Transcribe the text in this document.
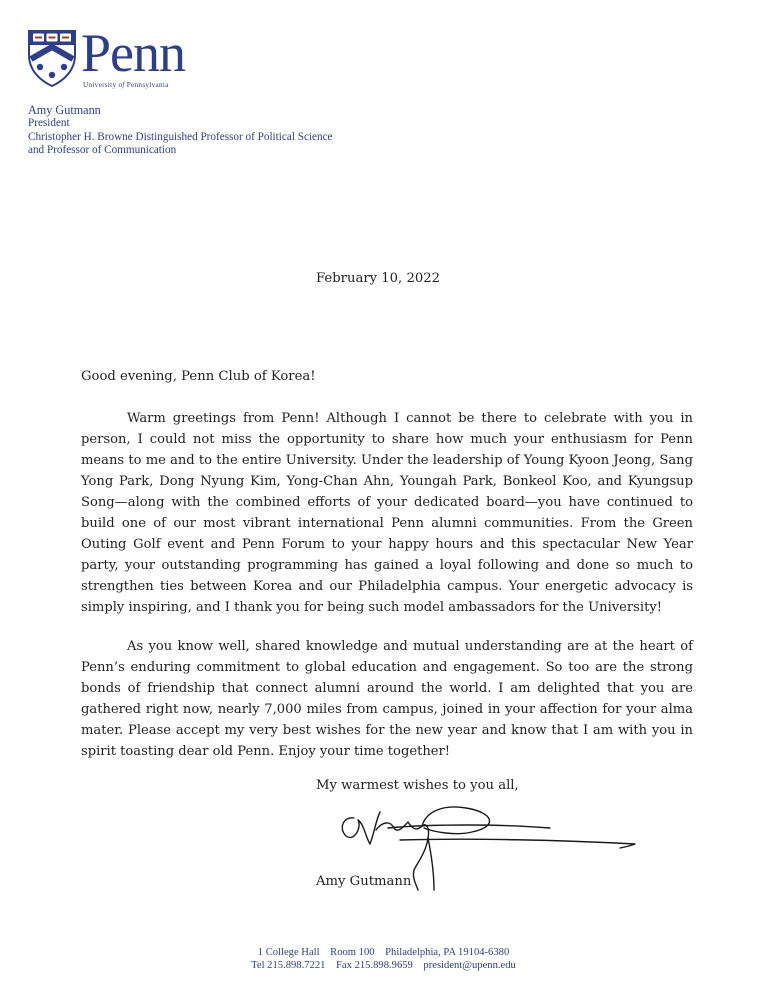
Penn
University of Pennsylvania
Amy Gutmann
President
Christopher H. Browne Distinguished Professor of Political Science
and Professor of Communication
February 10, 2022
Good evening, Penn Club of Korea!

Warm greetings from Penn! Although I cannot be there to celebrate with you in person, I could not miss the opportunity to share how much your enthusiasm for Penn means to me and to the entire University. Under the leadership of Young Kyoon Jeong, Sang Yong Park, Dong Nyung Kim, Yong-Chan Ahn, Youngah Park, Bonkeol Koo, and Kyungsup Song—along with the combined efforts of your dedicated board—you have continued to build one of our most vibrant international Penn alumni communities. From the Green Outing Golf event and Penn Forum to your happy hours and this spectacular New Year party, your outstanding programming has gained a loyal following and done so much to strengthen ties between Korea and our Philadelphia campus. Your energetic advocacy is simply inspiring, and I thank you for being such model ambassadors for the University!

As you know well, shared knowledge and mutual understanding are at the heart of Penn’s enduring commitment to global education and engagement. So too are the strong bonds of friendship that connect alumni around the world. I am delighted that you are gathered right now, nearly 7,000 miles from campus, joined in your affection for your alma mater. Please accept my very best wishes for the new year and know that I am with you in spirit toasting dear old Penn. Enjoy your time together!

My warmest wishes to you all,
Amy Gutmann
1 College Hall    Room 100    Philadelphia, PA 19104-6380
Tel 215.898.7221    Fax 215.898.9659    president@upenn.edu
